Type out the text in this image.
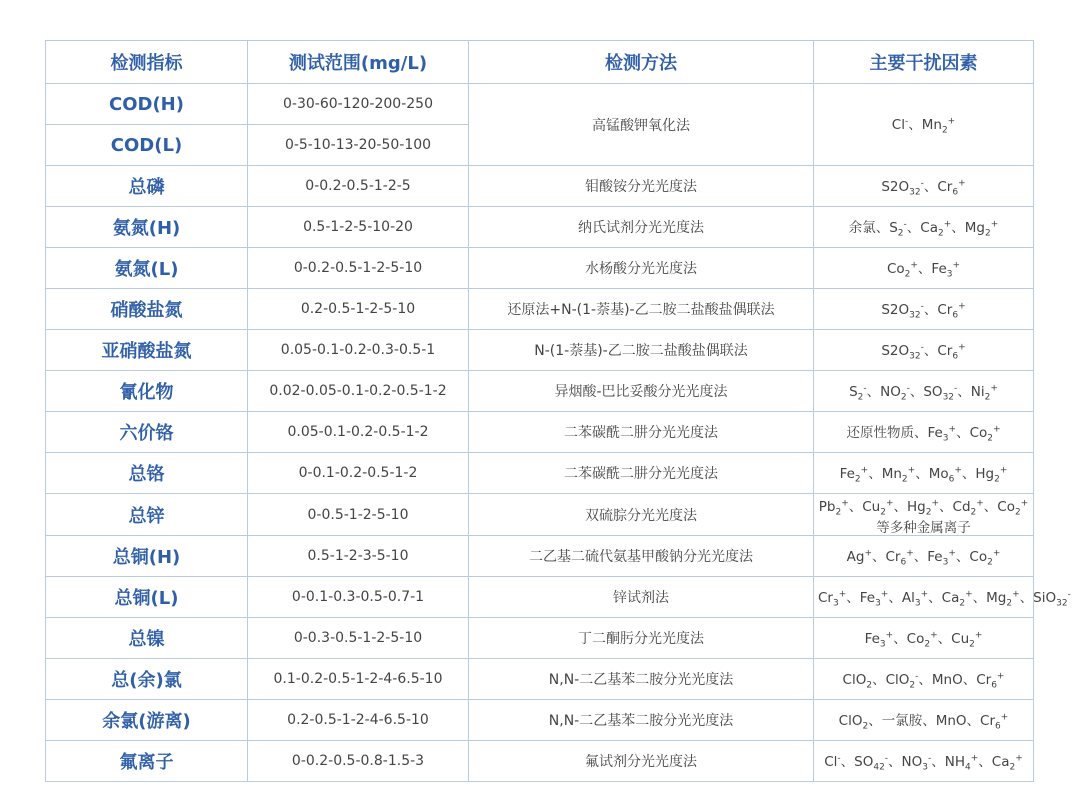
检测指标	测试范围(mg/L)	检测方法	主要干扰因素
COD(H)	0-30-60-120-200-250	高锰酸钾氧化法	Cl-、$Mn_2^+$
COD(L)	0-5-10-13-20-50-100		
总磷	0-0.2-0.5-1-2-5	钼酸铵分光光度法	$S2O_{32}^-$、$Cr_6^+$
氨氮(H)	0.5-1-2-5-10-20	纳氏试剂分光光度法	余氯、$S_2^-$、$Ca_2^+$、$Mg_2^+$
氨氮(L)	0-0.2-0.5-1-2-5-10	水杨酸分光光度法	$Co_2^+$、$Fe_3^+$
硝酸盐氮	0.2-0.5-1-2-5-10	还原法+N-(1-萘基)-乙二胺二盐酸盐偶联法	$S2O_{32}^-$、$Cr_6^+$
亚硝酸盐氮	0.05-0.1-0.2-0.3-0.5-1	N-(1-萘基)-乙二胺二盐酸盐偶联法	$S2O_{32}^-$、$Cr_6^+$
氰化物	0.02-0.05-0.1-0.2-0.5-1-2	异烟酸-巴比妥酸分光光度法	$S_2^-$、$NO_2^-$、$SO_{32}^-$、$Ni_2^+$
六价铬	0.05-0.1-0.2-0.5-1-2	二苯碳酰二肼分光光度法	还原性物质、$Fe_3^+$、$Co_2^+$
总铬	0-0.1-0.2-0.5-1-2	二苯碳酰二肼分光光度法	$Fe_2^+$、$Mn_2^+$、$Mo_6^+$、$Hg_2^+$
总锌	0-0.5-1-2-5-10	双硫腙分光光度法	$Pb_2^+$、$Cu_2^+$、$Hg_2^+$、$Cd_2^+$、$Co_2^+$
等多种金属离子

总铜(H)	0.5-1-2-3-5-10	二乙基二硫代氨基甲酸钠分光光度法	Ag+、$Cr_6^+$、$Fe_3^+$、$Co_2^+$
总铜(L)	0-0.1-0.3-0.5-0.7-1	锌试剂法	$Cr_3^+$、$Fe_3^+$、$Al_3^+$、$Ca_2^+$、$Mg_2^+$、SiO$_{32}$-
总镍	0-0.3-0.5-1-2-5-10	丁二酮肟分光光度法	$Fe_3^+$、$Co_2^+$、$Cu_2^+$
总(余)氯	0.1-0.2-0.5-1-2-4-6.5-10	N,N-二乙基苯二胺分光光度法	ClO$_2$、ClO$_2$-、MnO、$Cr_6^+$
余氯(游离)	0.2-0.5-1-2-4-6.5-10	N,N-二乙基苯二胺分光光度法	ClO$_2$、一氯胺、MnO、$Cr_6^+$
氟离子	0-0.2-0.5-0.8-1.5-3	氟试剂分光光度法	Cl-、$SO_{42}^-$、$NO_3^-$、$NH_4^+$、$Ca_2^+$
